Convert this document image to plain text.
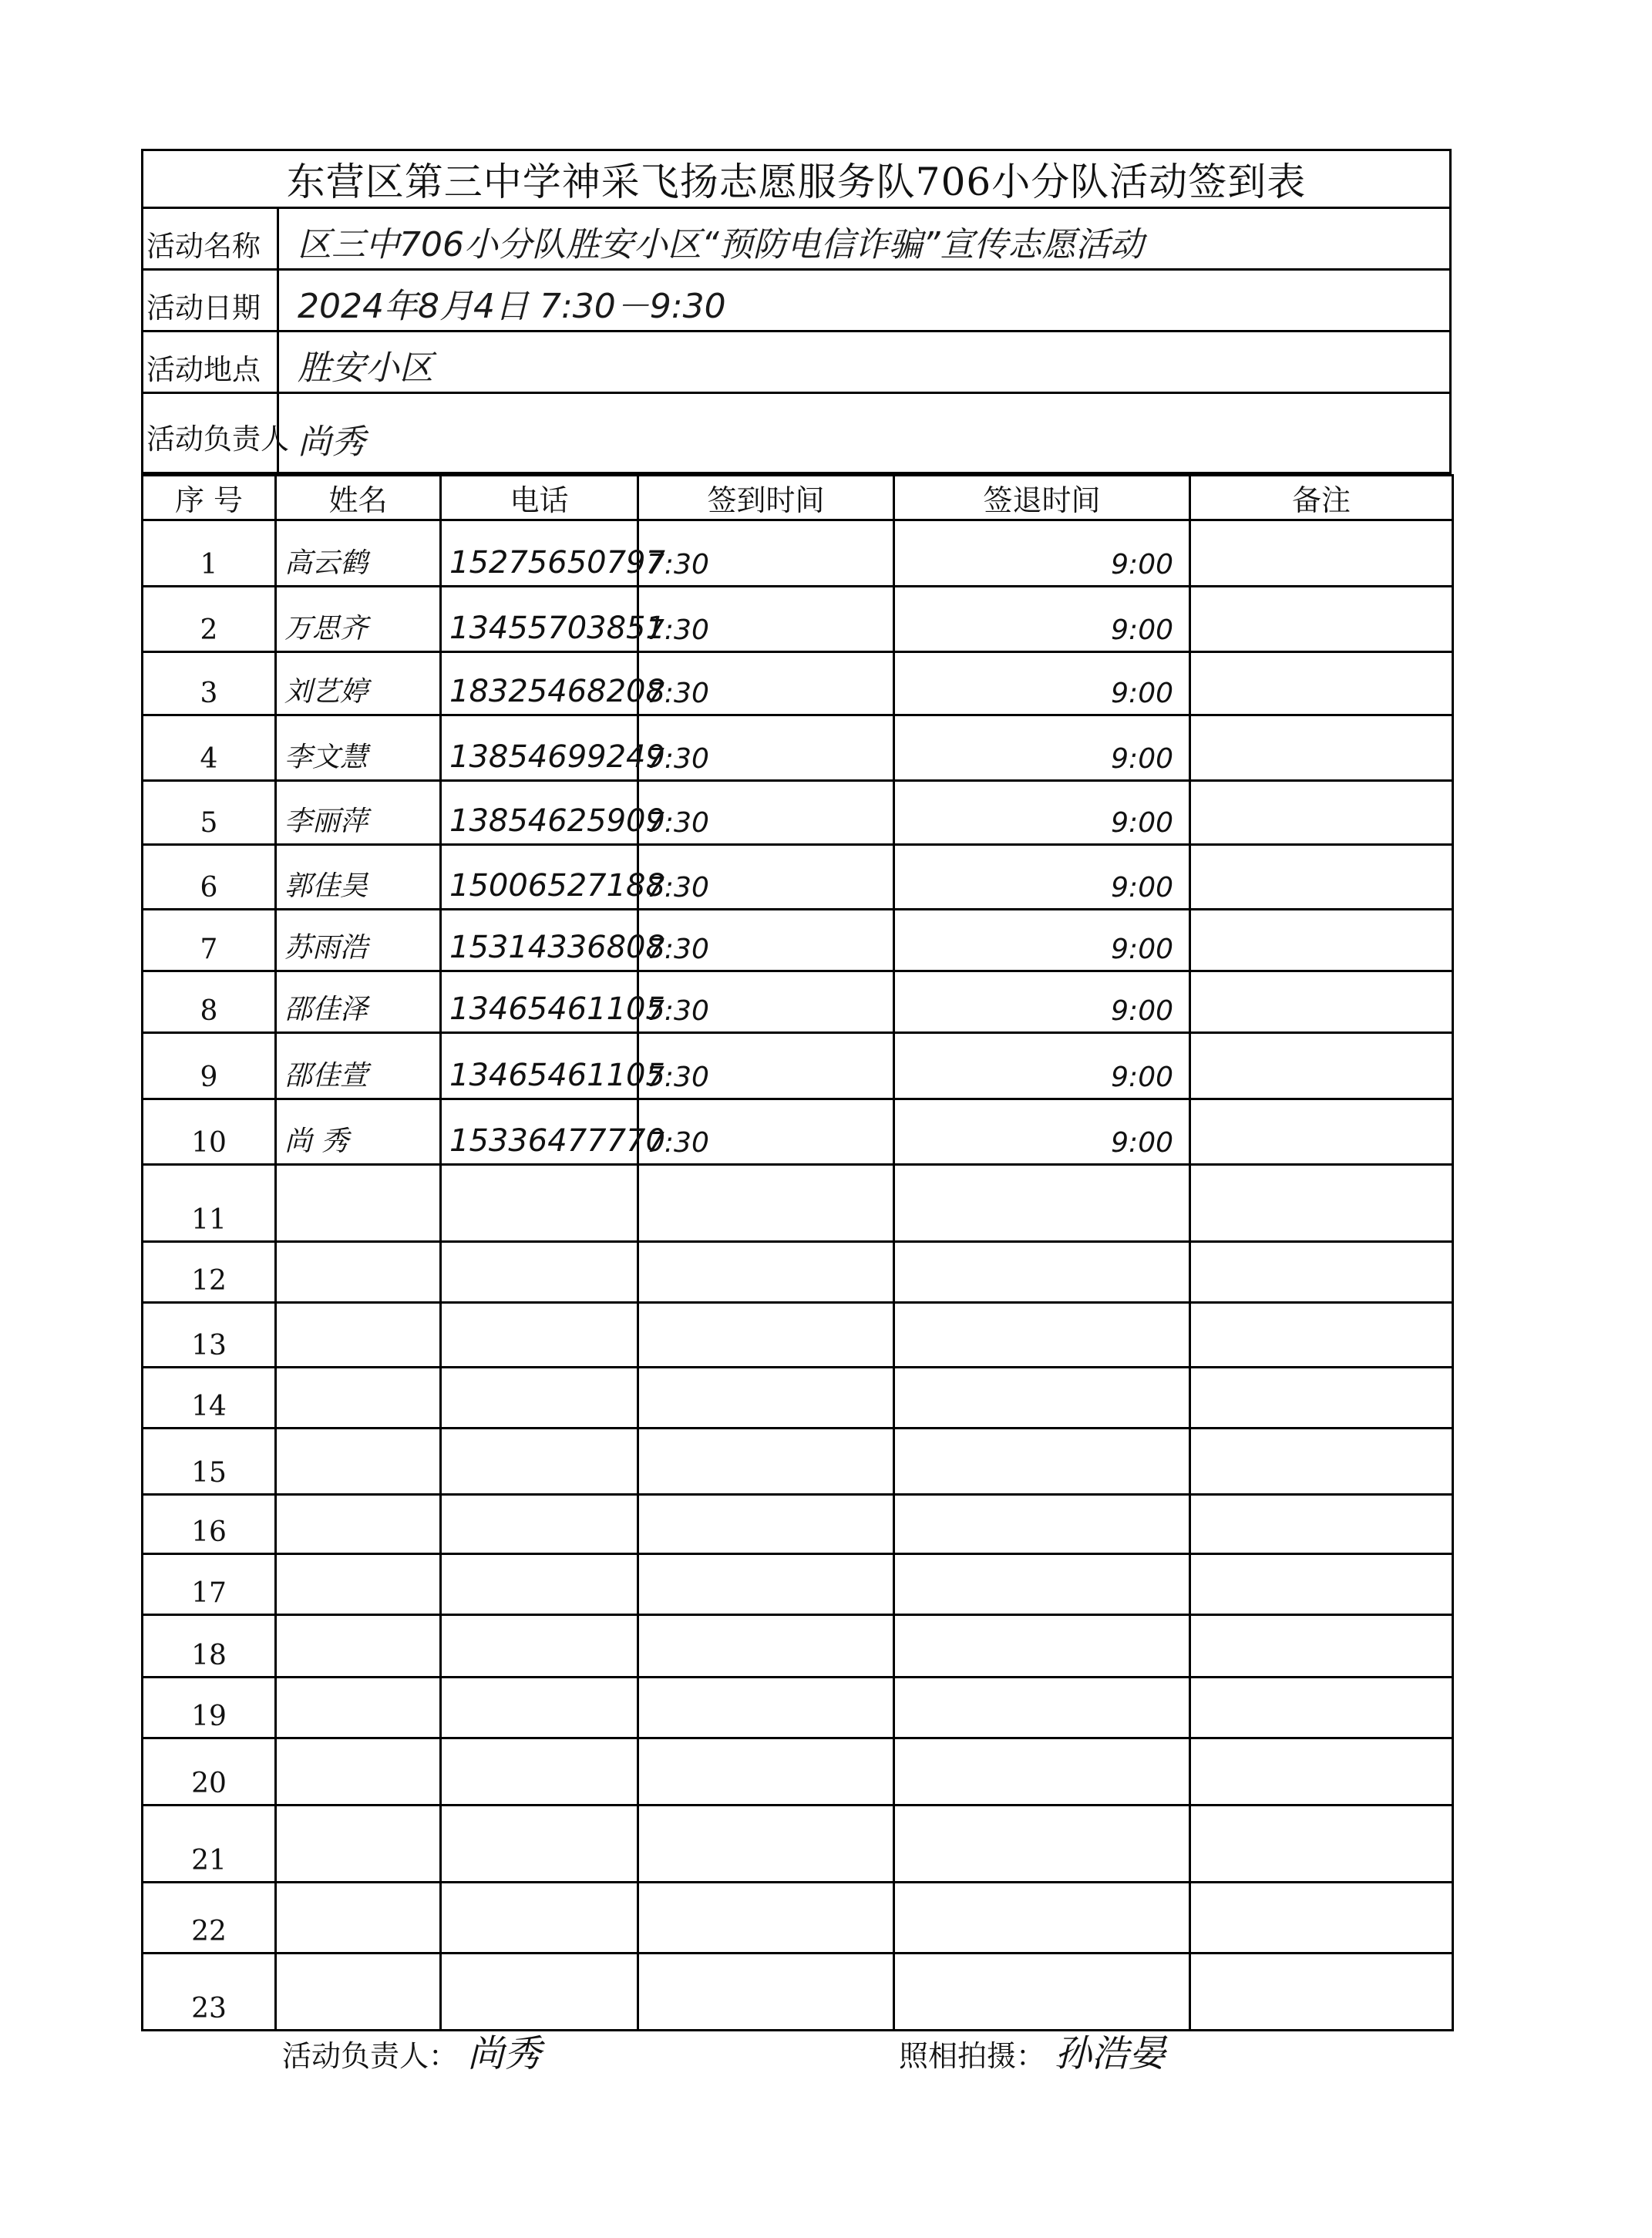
东营区第三中学神采飞扬志愿服务队706小分队活动签到表
活动名称	区三中706小分队胜安小区“预防电信诈骗”宣传志愿活动
活动日期	2024年8月4日 7:30－9:30
活动地点	胜安小区
活动负责人 尚秀
序 号	姓名	电话	签到时间	签退时间	备注
1	高云鹤	15275650797	7:30	9:00	
2	万思齐	13455703851	7:30	9:00	
3	刘艺婷	18325468208	7:30	9:00	
4	李文慧	13854699249	7:30	9:00	
5	李丽萍	13854625909	7:30	9:00	
6	郭佳昊	15006527188	7:30	9:00	
7	苏雨浩	15314336808	7:30	9:00	
8	邵佳泽	13465461105	7:30	9:00	
9	邵佳萱	13465461105	7:30	9:00	
10	尚 秀	15336477770	7:30	9:00	
11					
12					
13					
14					
15					
16					
17					
18					
19					
20					
21					
22					
23					
活动负责人： 尚秀	照相拍摄： 孙浩晏
